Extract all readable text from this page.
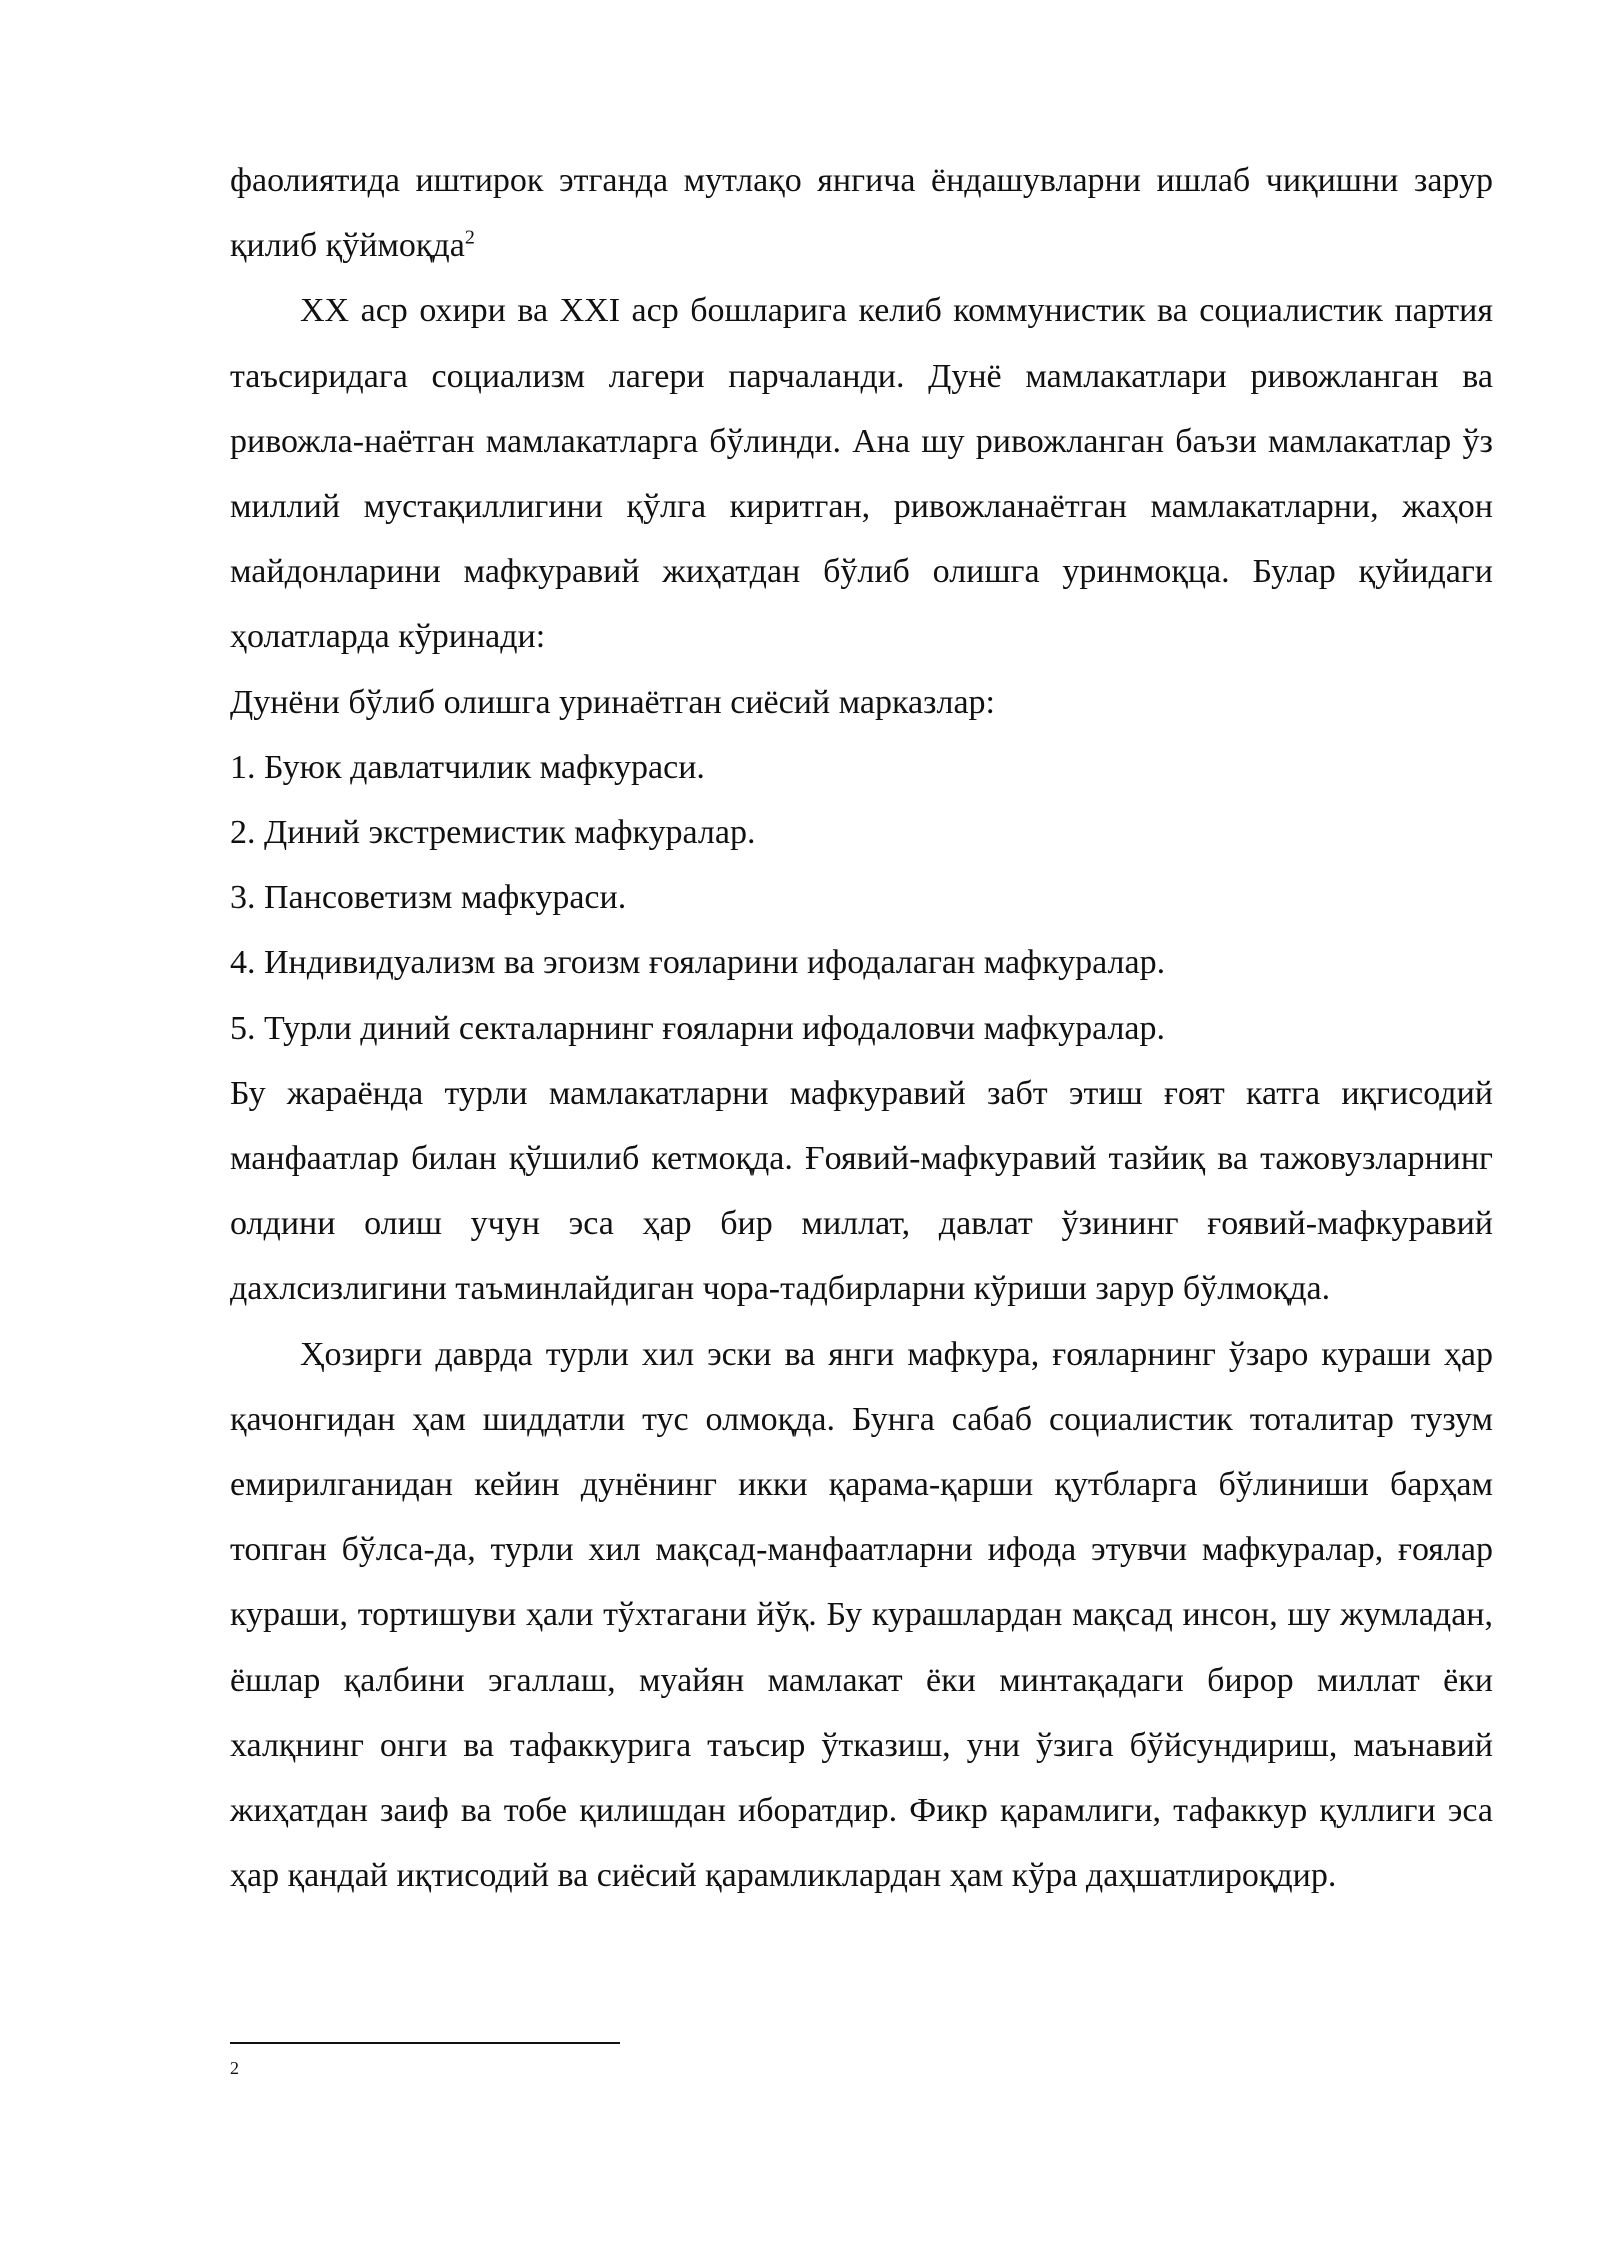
фаолиятида иштирок этганда мутлақо янгича ёндашувларни ишлаб чиқишни зарур қилиб қўймоқда$^2$

XX аср охири ва XXI аср бошларига келиб коммунистик ва социалистик партия таъсиридага социализм лагери парчаланди. Дунё мамлакатлари ривожланган ва ривожла-наётган мамлакатларга бўлинди. Ана шу ривожланган баъзи мамлакатлар ўз миллий мустақиллигини қўлга киритган, ривожланаётган мамлакатларни, жаҳон майдонларини мафкуравий жиҳатдан бўлиб олишга уринмоқца. Булар қуйидаги ҳолатларда кўринади:

Дунёни бўлиб олишга уринаётган сиёсий марказлар:

1. Буюк давлатчилик мафкураси.

2. Диний экстремистик мафкуралар.

3. Пансоветизм мафкураси.

4. Индивидуализм ва эгоизм ғояларини ифодалаган мафкуралар.

5. Турли диний секталарнинг ғояларни ифодаловчи мафкуралар.

Бу жараёнда турли мамлакатларни мафкуравий забт этиш ғоят катга иқгисодий манфаатлар билан қўшилиб кетмоқда. Ғоявий-мафкуравий тазйиқ ва тажовузларнинг олдини олиш учун эса ҳар бир миллат, давлат ўзининг ғоявий-мафкуравий дахлсизлигини таъминлайдиган чора-тадбирларни кўриши зарур бўлмоқда.

Ҳозирги даврда турли хил эски ва янги мафкура, ғояларнинг ўзаро кураши ҳар қачонгидан ҳам шиддатли тус олмоқда. Бунга сабаб социалистик тоталитар тузум емирилганидан кейин дунёнинг икки қарама-қарши қутбларга бўлиниши барҳам топган бўлса-да, турли хил мақсад-манфаатларни ифода этувчи мафкуралар, ғоялар кураши, тортишуви ҳали тўхтагани йўқ. Бу курашлардан мақсад инсон, шу жумладан, ёшлар қалбини эгаллаш, муайян мамлакат ёки минтақадаги бирор миллат ёки халқнинг онги ва тафаккурига таъсир ўтказиш, уни ўзига бўйсундириш, маънавий жиҳатдан заиф ва тобе қилишдан иборатдир. Фикр қарамлиги, тафаккур қуллиги эса ҳар қандай иқтисодий ва сиёсий қарамликлардан ҳам кўра даҳшатлироқдир.

2
